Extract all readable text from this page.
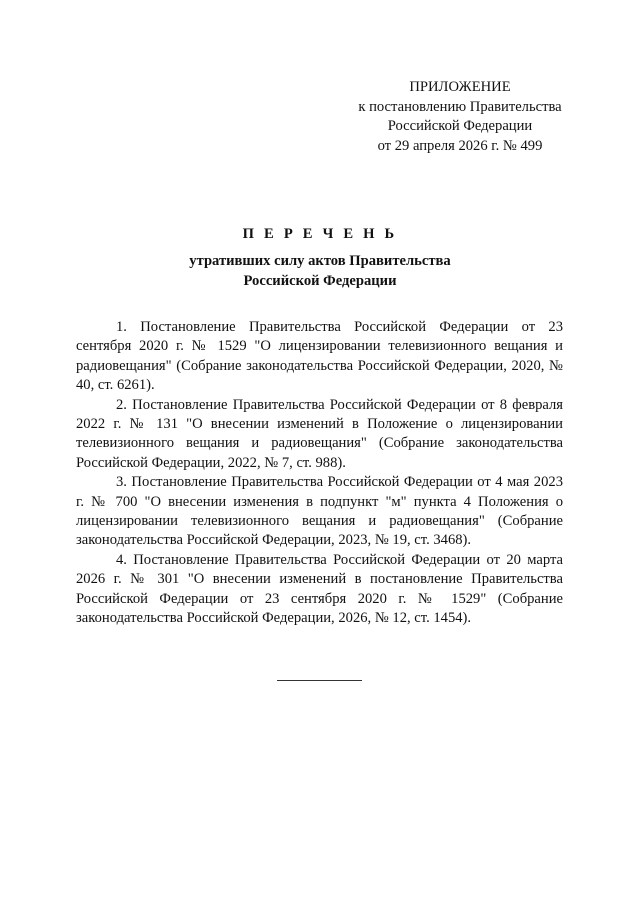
ПРИЛОЖЕНИЕ
к постановлению Правительства
Российской Федерации
от 29 апреля 2026 г. № 499
П Е Р Е Ч Е Н Ь
утративших силу актов Правительства
Российской Федерации

1. Постановление Правительства Российской Федерации от 23 сентября 2020 г. № 1529 "О лицензировании телевизионного вещания и радиовещания" (Собрание законодательства Российской Федерации, 2020, № 40, ст. 6261).

2. Постановление Правительства Российской Федерации от 8 февраля 2022 г. № 131 "О внесении изменений в Положение о лицензировании телевизионного вещания и радиовещания" (Собрание законодательства Российской Федерации, 2022, № 7, ст. 988).

3. Постановление Правительства Российской Федерации от 4 мая 2023 г. № 700 "О внесении изменения в подпункт "м" пункта 4 Положения о лицензировании телевизионного вещания и радиовещания" (Собрание законодательства Российской Федерации, 2023, № 19, ст. 3468).

4. Постановление Правительства Российской Федерации от 20 марта 2026 г. № 301 "О внесении изменений в постановление Правительства Российской Федерации от 23 сентября 2020 г. № 1529" (Собрание законодательства Российской Федерации, 2026, № 12, ст. 1454).
